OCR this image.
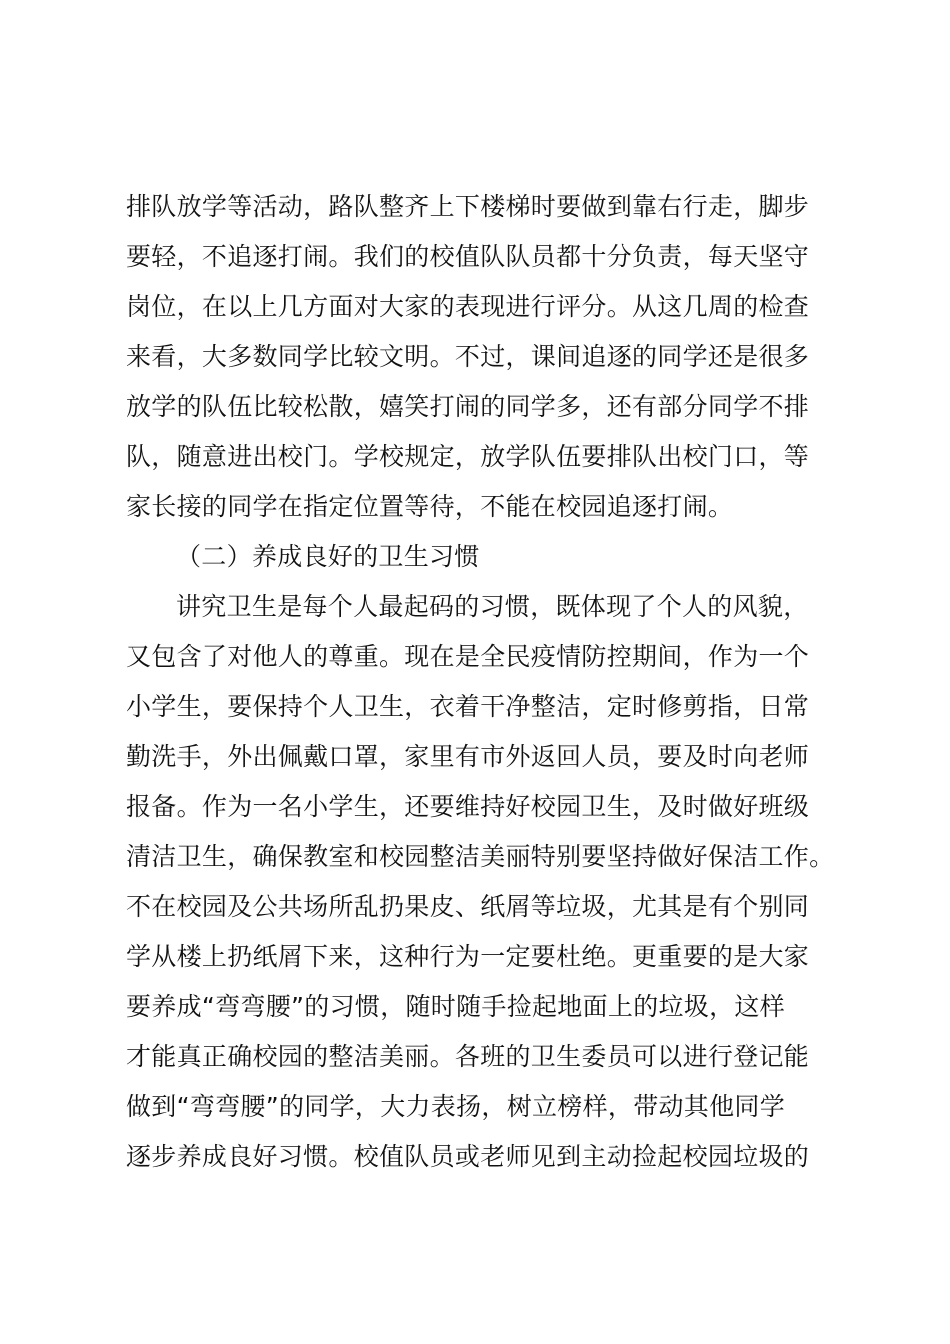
排队放学等活动，路队整齐上下楼梯时要做到靠右行走，脚步
要轻，不追逐打闹。我们的校值队队员都十分负责，每天坚守
岗位，在以上几方面对大家的表现进行评分。从这几周的检查
来看，大多数同学比较文明。不过，课间追逐的同学还是很多
放学的队伍比较松散，嬉笑打闹的同学多，还有部分同学不排
队，随意进出校门。学校规定，放学队伍要排队出校门口，等
家长接的同学在指定位置等待，不能在校园追逐打闹。
（二）养成良好的卫生习惯
讲究卫生是每个人最起码的习惯，既体现了个人的风貌，
又包含了对他人的尊重。现在是全民疫情防控期间，作为一个
小学生，要保持个人卫生，衣着干净整洁，定时修剪指，日常
勤洗手，外出佩戴口罩，家里有市外返回人员，要及时向老师
报备。作为一名小学生，还要维持好校园卫生，及时做好班级
清洁卫生，确保教室和校园整洁美丽特别要坚持做好保洁工作。
不在校园及公共场所乱扔果皮、纸屑等垃圾，尤其是有个别同
学从楼上扔纸屑下来，这种行为一定要杜绝。更重要的是大家
要养成“弯弯腰”的习惯，随时随手捡起地面上的垃圾，这样
才能真正确校园的整洁美丽。各班的卫生委员可以进行登记能
做到“弯弯腰”的同学，大力表扬，树立榜样，带动其他同学
逐步养成良好习惯。校值队员或老师见到主动捡起校园垃圾的
